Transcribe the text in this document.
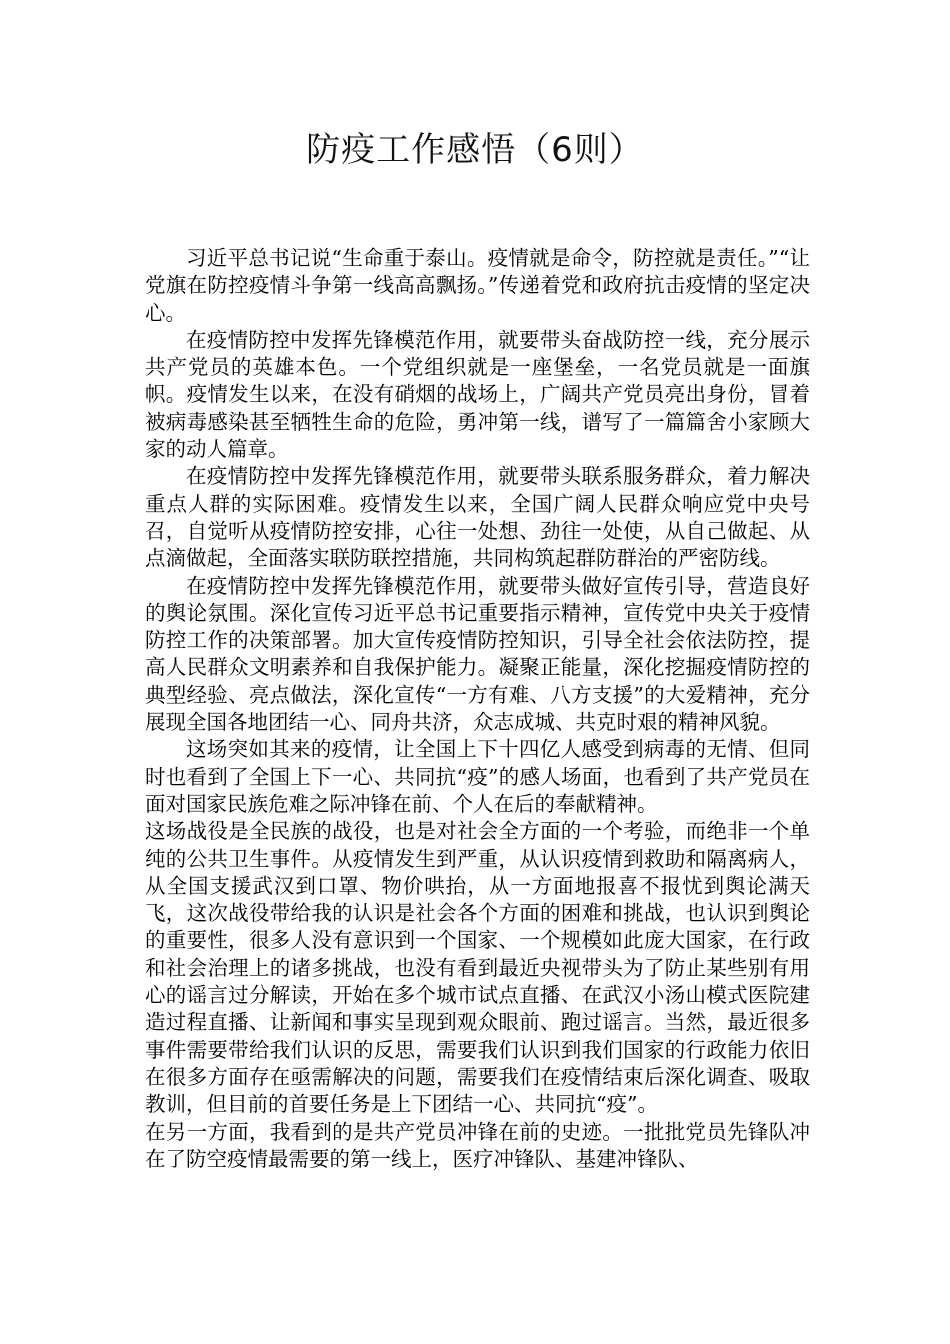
防疫工作感悟（6则）

习近平总书记说“生命重于泰山。疫情就是命令，防控就是责任。”“让党旗在防控疫情斗争第一线高高飘扬。”传递着党和政府抗击疫情的坚定决心。

在疫情防控中发挥先锋模范作用，就要带头奋战防控一线，充分展示共产党员的英雄本色。一个党组织就是一座堡垒，一名党员就是一面旗帜。疫情发生以来，在没有硝烟的战场上，广阔共产党员亮出身份，冒着被病毒感染甚至牺牲生命的危险，勇冲第一线，谱写了一篇篇舍小家顾大家的动人篇章。

在疫情防控中发挥先锋模范作用，就要带头联系服务群众，着力解决重点人群的实际困难。疫情发生以来，全国广阔人民群众响应党中央号召，自觉听从疫情防控安排，心往一处想、劲往一处使，从自己做起、从点滴做起，全面落实联防联控措施，共同构筑起群防群治的严密防线。

在疫情防控中发挥先锋模范作用，就要带头做好宣传引导，营造良好的舆论氛围。深化宣传习近平总书记重要指示精神，宣传党中央关于疫情防控工作的决策部署。加大宣传疫情防控知识，引导全社会依法防控，提高人民群众文明素养和自我保护能力。凝聚正能量，深化挖掘疫情防控的典型经验、亮点做法，深化宣传“一方有难、八方支援”的大爱精神，充分展现全国各地团结一心、同舟共济，众志成城、共克时艰的精神风貌。

这场突如其来的疫情，让全国上下十四亿人感受到病毒的无情、但同时也看到了全国上下一心、共同抗“疫”的感人场面，也看到了共产党员在面对国家民族危难之际冲锋在前、个人在后的奉献精神。

这场战役是全民族的战役，也是对社会全方面的一个考验，而绝非一个单纯的公共卫生事件。从疫情发生到严重，从认识疫情到救助和隔离病人，从全国支援武汉到口罩、物价哄抬，从一方面地报喜不报忧到舆论满天飞，这次战役带给我的认识是社会各个方面的困难和挑战，也认识到舆论的重要性，很多人没有意识到一个国家、一个规模如此庞大国家，在行政和社会治理上的诸多挑战，也没有看到最近央视带头为了防止某些别有用心的谣言过分解读，开始在多个城市试点直播、在武汉小汤山模式医院建造过程直播、让新闻和事实呈现到观众眼前、跑过谣言。当然，最近很多事件需要带给我们认识的反思，需要我们认识到我们国家的行政能力依旧在很多方面存在亟需解决的问题，需要我们在疫情结束后深化调查、吸取教训，但目前的首要任务是上下团结一心、共同抗“疫”。

在另一方面，我看到的是共产党员冲锋在前的史迹。一批批党员先锋队冲在了防空疫情最需要的第一线上，医疗冲锋队、基建冲锋队、
